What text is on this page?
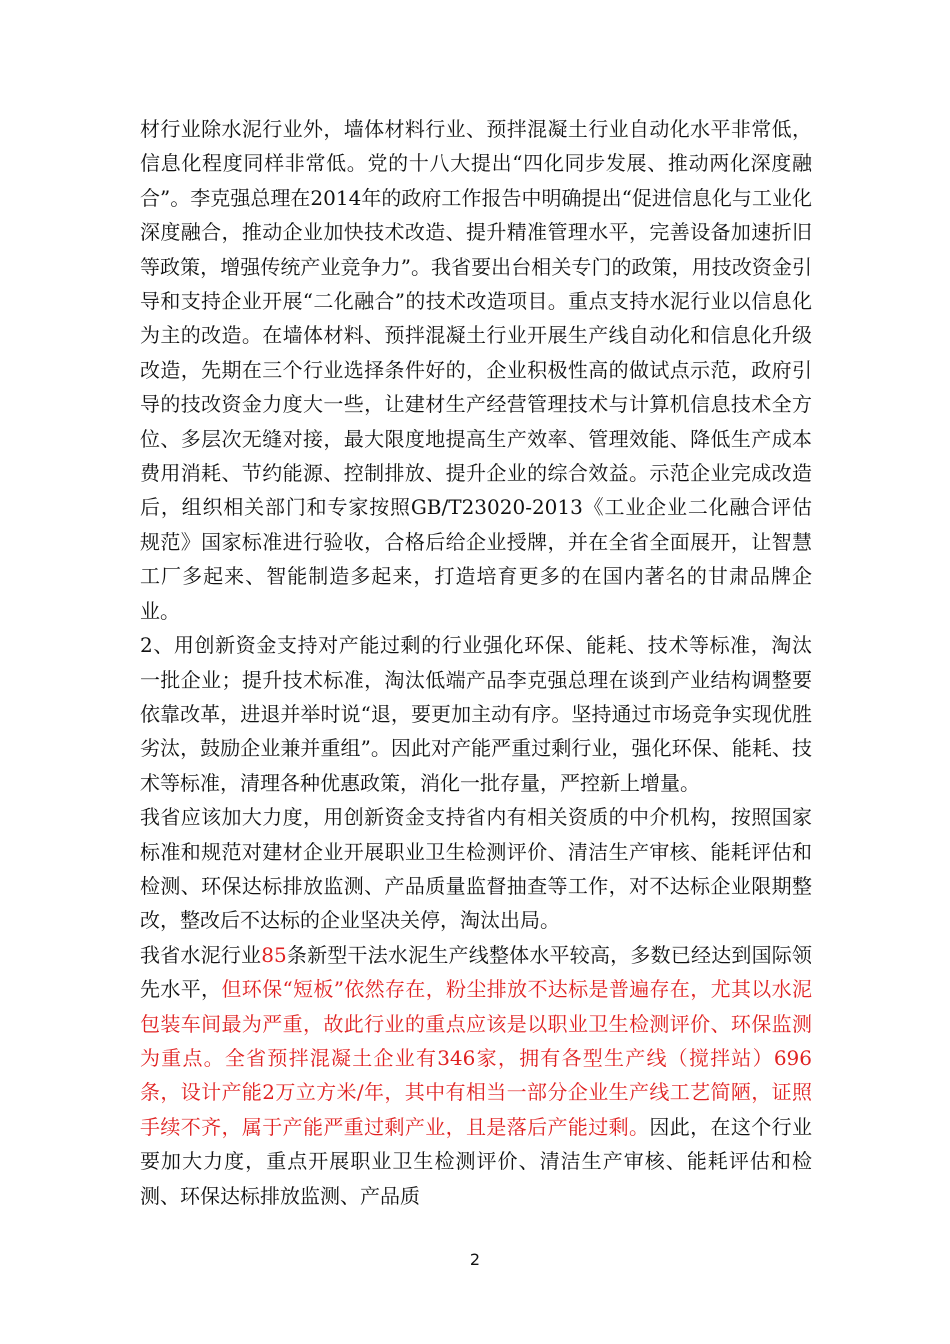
材行业除水泥行业外，墙体材料行业、预拌混凝土行业自动化水平非常低，信息化程度同样非常低。党的十八大提出“四化同步发展、推动两化深度融合”。李克强总理在2014年的政府工作报告中明确提出“促进信息化与工业化深度融合，推动企业加快技术改造、提升精准管理水平，完善设备加速折旧等政策，增强传统产业竞争力”。我省要出台相关专门的政策，用技改资金引导和支持企业开展“二化融合”的技术改造项目。重点支持水泥行业以信息化为主的改造。在墙体材料、预拌混凝土行业开展生产线自动化和信息化升级改造，先期在三个行业选择条件好的，企业积极性高的做试点示范，政府引导的技改资金力度大一些，让建材生产经营管理技术与计算机信息技术全方位、多层次无缝对接，最大限度地提高生产效率、管理效能、降低生产成本费用消耗、节约能源、控制排放、提升企业的综合效益。示范企业完成改造后，组织相关部门和专家按照GB/T23020-2013《工业企业二化融合评估规范》国家标准进行验收，合格后给企业授牌，并在全省全面展开，让智慧工厂多起来、智能制造多起来，打造培育更多的在国内著名的甘肃品牌企业。

2、用创新资金支持对产能过剩的行业强化环保、能耗、技术等标准，淘汰一批企业；提升技术标准，淘汰低端产品李克强总理在谈到产业结构调整要依靠改革，进退并举时说“退，要更加主动有序。坚持通过市场竞争实现优胜劣汰，鼓励企业兼并重组”。因此对产能严重过剩行业，强化环保、能耗、技术等标准，清理各种优惠政策，消化一批存量，严控新上增量。

我省应该加大力度，用创新资金支持省内有相关资质的中介机构，按照国家标准和规范对建材企业开展职业卫生检测评价、清洁生产审核、能耗评估和检测、环保达标排放监测、产品质量监督抽查等工作，对不达标企业限期整改，整改后不达标的企业坚决关停，淘汰出局。

我省水泥行业85条新型干法水泥生产线整体水平较高，多数已经达到国际领先水平，但环保“短板”依然存在，粉尘排放不达标是普遍存在，尤其以水泥包装车间最为严重，故此行业的重点应该是以职业卫生检测评价、环保监测为重点。全省预拌混凝土企业有346家，拥有各型生产线（搅拌站）696条，设计产能2万立方米/年，其中有相当一部分企业生产线工艺简陋，证照手续不齐，属于产能严重过剩产业，且是落后产能过剩。因此，在这个行业要加大力度，重点开展职业卫生检测评价、清洁生产审核、能耗评估和检测、环保达标排放监测、产品质

2
